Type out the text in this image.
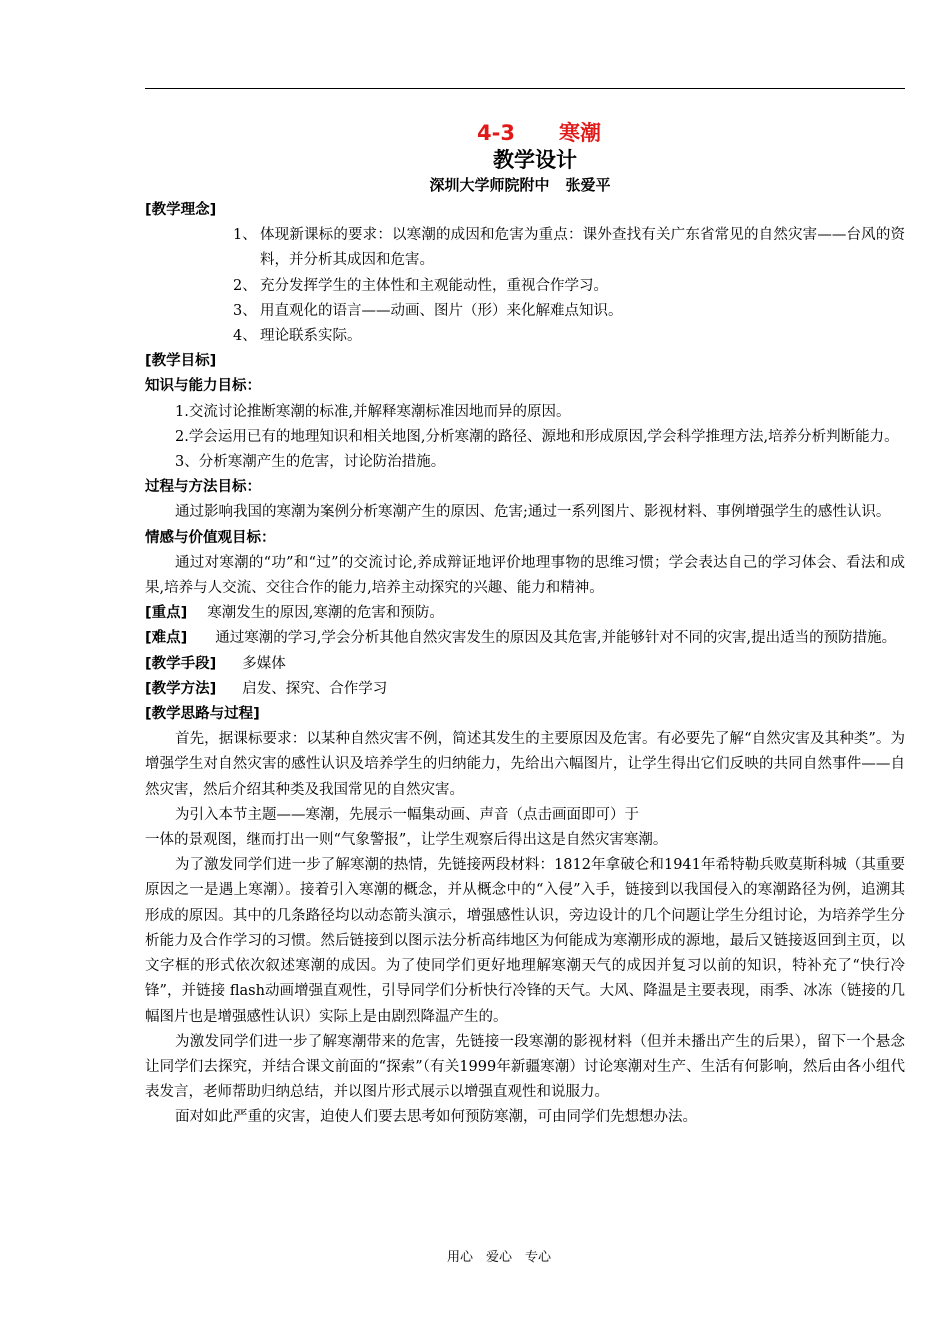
4-3 寒潮
教学设计
深圳大学师院附中 张爱平

[教学理念]

1、 体现新课标的要求：以寒潮的成因和危害为重点：课外查找有关广东省常见的自然灾害——台风的资料，并分析其成因和危害。
2、 充分发挥学生的主体性和主观能动性，重视合作学习。
3、 用直观化的语言——动画、图片（形）来化解难点知识。
4、 理论联系实际。

[教学目标]

知识与能力目标：

1.交流讨论推断寒潮的标准,并解释寒潮标准因地而异的原因。

2.学会运用已有的地理知识和相关地图,分析寒潮的路径、源地和形成原因,学会科学推理方法,培养分析判断能力。

3、分析寒潮产生的危害，讨论防治措施。

过程与方法目标：

通过影响我国的寒潮为案例分析寒潮产生的原因、危害;通过一系列图片、影视材料、事例增强学生的感性认识。

情感与价值观目标：

通过对寒潮的“功”和“过”的交流讨论,养成辩证地评价地理事物的思维习惯；学会表达自己的学习体会、看法和成果,培养与人交流、交往合作的能力,培养主动探究的兴趣、能力和精神。

[重点] 寒潮发生的原因,寒潮的危害和预防。

[难点] 通过寒潮的学习,学会分析其他自然灾害发生的原因及其危害,并能够针对不同的灾害,提出适当的预防措施。

[教学手段] 多媒体

[教学方法] 启发、探究、合作学习

[教学思路与过程]

首先，据课标要求：以某种自然灾害不例，简述其发生的主要原因及危害。有必要先了解“自然灾害及其种类”。为增强学生对自然灾害的感性认识及培养学生的归纳能力，先给出六幅图片，让学生得出它们反映的共同自然事件——自然灾害，然后介绍其种类及我国常见的自然灾害。

为引入本节主题——寒潮，先展示一幅集动画、声音（点击画面即可）于

一体的景观图，继而打出一则“气象警报”，让学生观察后得出这是自然灾害寒潮。

为了激发同学们进一步了解寒潮的热情，先链接两段材料：1812年拿破仑和1941年希特勒兵败莫斯科城（其重要原因之一是遇上寒潮）。接着引入寒潮的概念，并从概念中的“入侵”入手，链接到以我国侵入的寒潮路径为例，追溯其形成的原因。其中的几条路径均以动态箭头演示，增强感性认识，旁边设计的几个问题让学生分组讨论，为培养学生分析能力及合作学习的习惯。然后链接到以图示法分析高纬地区为何能成为寒潮形成的源地，最后又链接返回到主页，以文字框的形式依次叙述寒潮的成因。为了使同学们更好地理解寒潮天气的成因并复习以前的知识，特补充了“快行冷锋”，并链接 flash动画增强直观性，引导同学们分析快行冷锋的天气。大风、降温是主要表现，雨季、冰冻（链接的几幅图片也是增强感性认识）实际上是由剧烈降温产生的。

为激发同学们进一步了解寒潮带来的危害，先链接一段寒潮的影视材料（但并未播出产生的后果），留下一个悬念让同学们去探究，并结合课文前面的“探索”（有关1999年新疆寒潮）讨论寒潮对生产、生活有何影响，然后由各小组代表发言，老师帮助归纳总结，并以图片形式展示以增强直观性和说服力。

面对如此严重的灾害，迫使人们要去思考如何预防寒潮，可由同学们先想想办法。

用心　爱心　专心
